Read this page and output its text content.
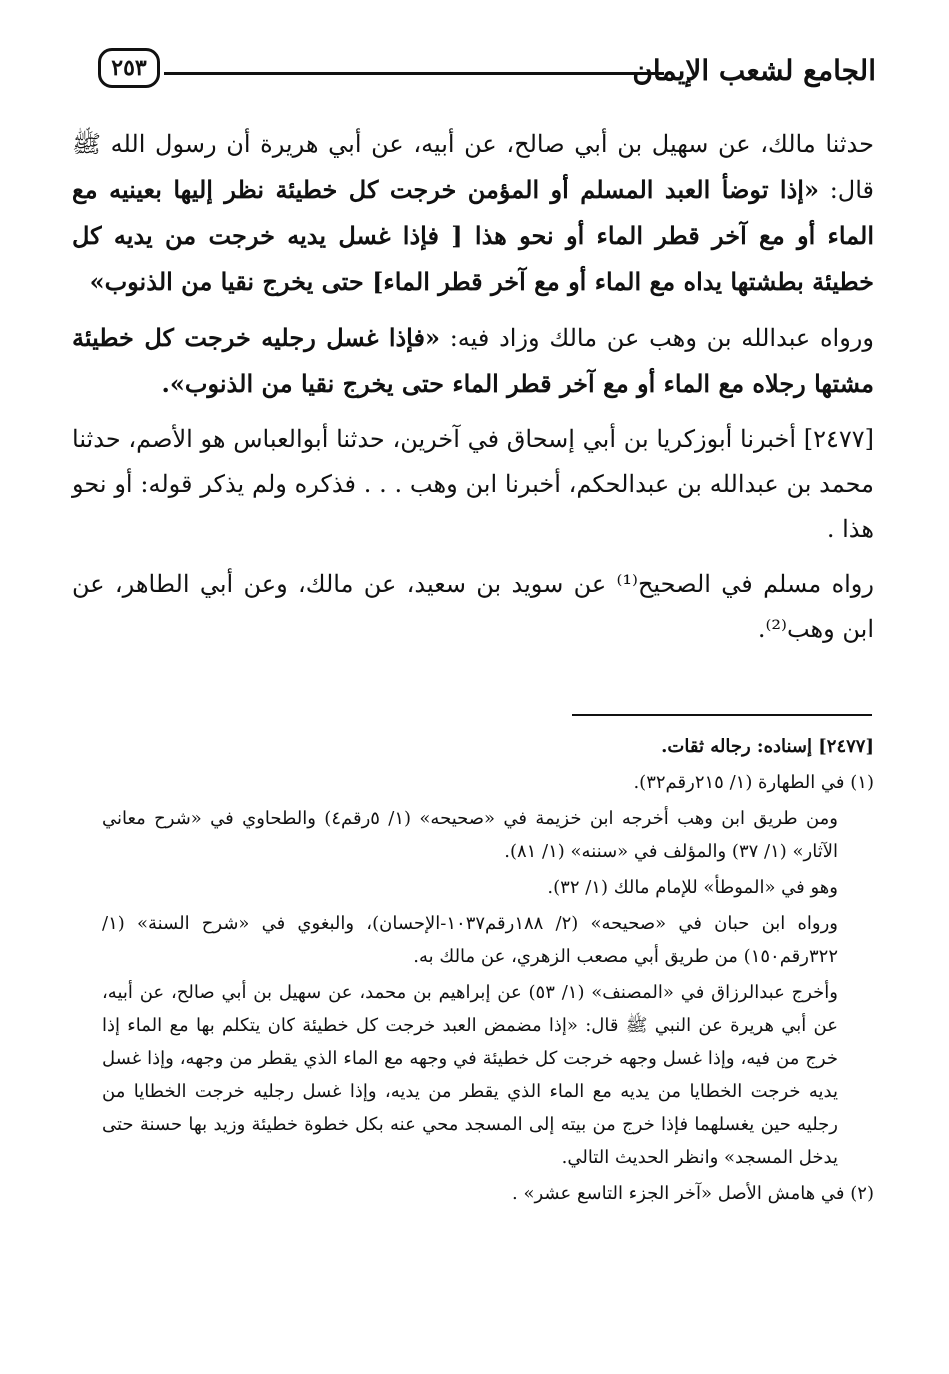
الجامع لشعب الإيمان
٢٥٣

حدثنا مالك، عن سهيل بن أبي صالح، عن أبيه، عن أبي هريرة أن رسول الله ﷺ قال: «إذا توضأ العبد المسلم أو المؤمن خرجت كل خطيئة نظر إليها بعينيه مع الماء أو مع آخر قطر الماء أو نحو هذا [ فإذا غسل يديه خرجت من يديه كل خطيئة بطشتها يداه مع الماء أو مع آخر قطر الماء] حتى يخرج نقيا من الذنوب»

ورواه عبدالله بن وهب عن مالك وزاد فيه: «فإذا غسل رجليه خرجت كل خطيئة مشتها رجلاه مع الماء أو مع آخر قطر الماء حتى يخرج نقيا من الذنوب».

[٢٤٧٧] أخبرنا أبوزكريا بن أبي إسحاق في آخرين، حدثنا أبوالعباس هو الأصم، حدثنا محمد بن عبدالله بن عبدالحكم، أخبرنا ابن وهب . . . فذكره ولم يذكر قوله: أو نحو هذا .

رواه مسلم في الصحيح⁽¹⁾ عن سويد بن سعيد، عن مالك، وعن أبي الطاهر، عن ابن وهب⁽²⁾.

[٢٤٧٧] إسناده: رجاله ثقات.

(١) في الطهارة (١/ ٢١٥رقم٣٢).

ومن طريق ابن وهب أخرجه ابن خزيمة في «صحيحه» (١/ ٥رقم٤) والطحاوي في «شرح معاني الآثار» (١/ ٣٧) والمؤلف في «سننه» (١/ ٨١).

وهو في «الموطأ» للإمام مالك (١/ ٣٢).

ورواه ابن حبان في «صحيحه» (٢/ ١٨٨رقم١٠٣٧-الإحسان)، والبغوي في «شرح السنة» (١/ ٣٢٢رقم١٥٠) من طريق أبي مصعب الزهري، عن مالك به.

وأخرج عبدالرزاق في «المصنف» (١/ ٥٣) عن إبراهيم بن محمد، عن سهيل بن أبي صالح، عن أبيه، عن أبي هريرة عن النبي ﷺ قال: «إذا مضمض العبد خرجت كل خطيئة كان يتكلم بها مع الماء إذا خرج من فيه، وإذا غسل وجهه خرجت كل خطيئة في وجهه مع الماء الذي يقطر من وجهه، وإذا غسل يديه خرجت الخطايا من يديه مع الماء الذي يقطر من يديه، وإذا غسل رجليه خرجت الخطايا من رجليه حين يغسلهما فإذا خرج من بيته إلى المسجد محي عنه بكل خطوة خطيئة وزيد بها حسنة حتى يدخل المسجد» وانظر الحديث التالي.

(٢) في هامش الأصل «آخر الجزء التاسع عشر» .
